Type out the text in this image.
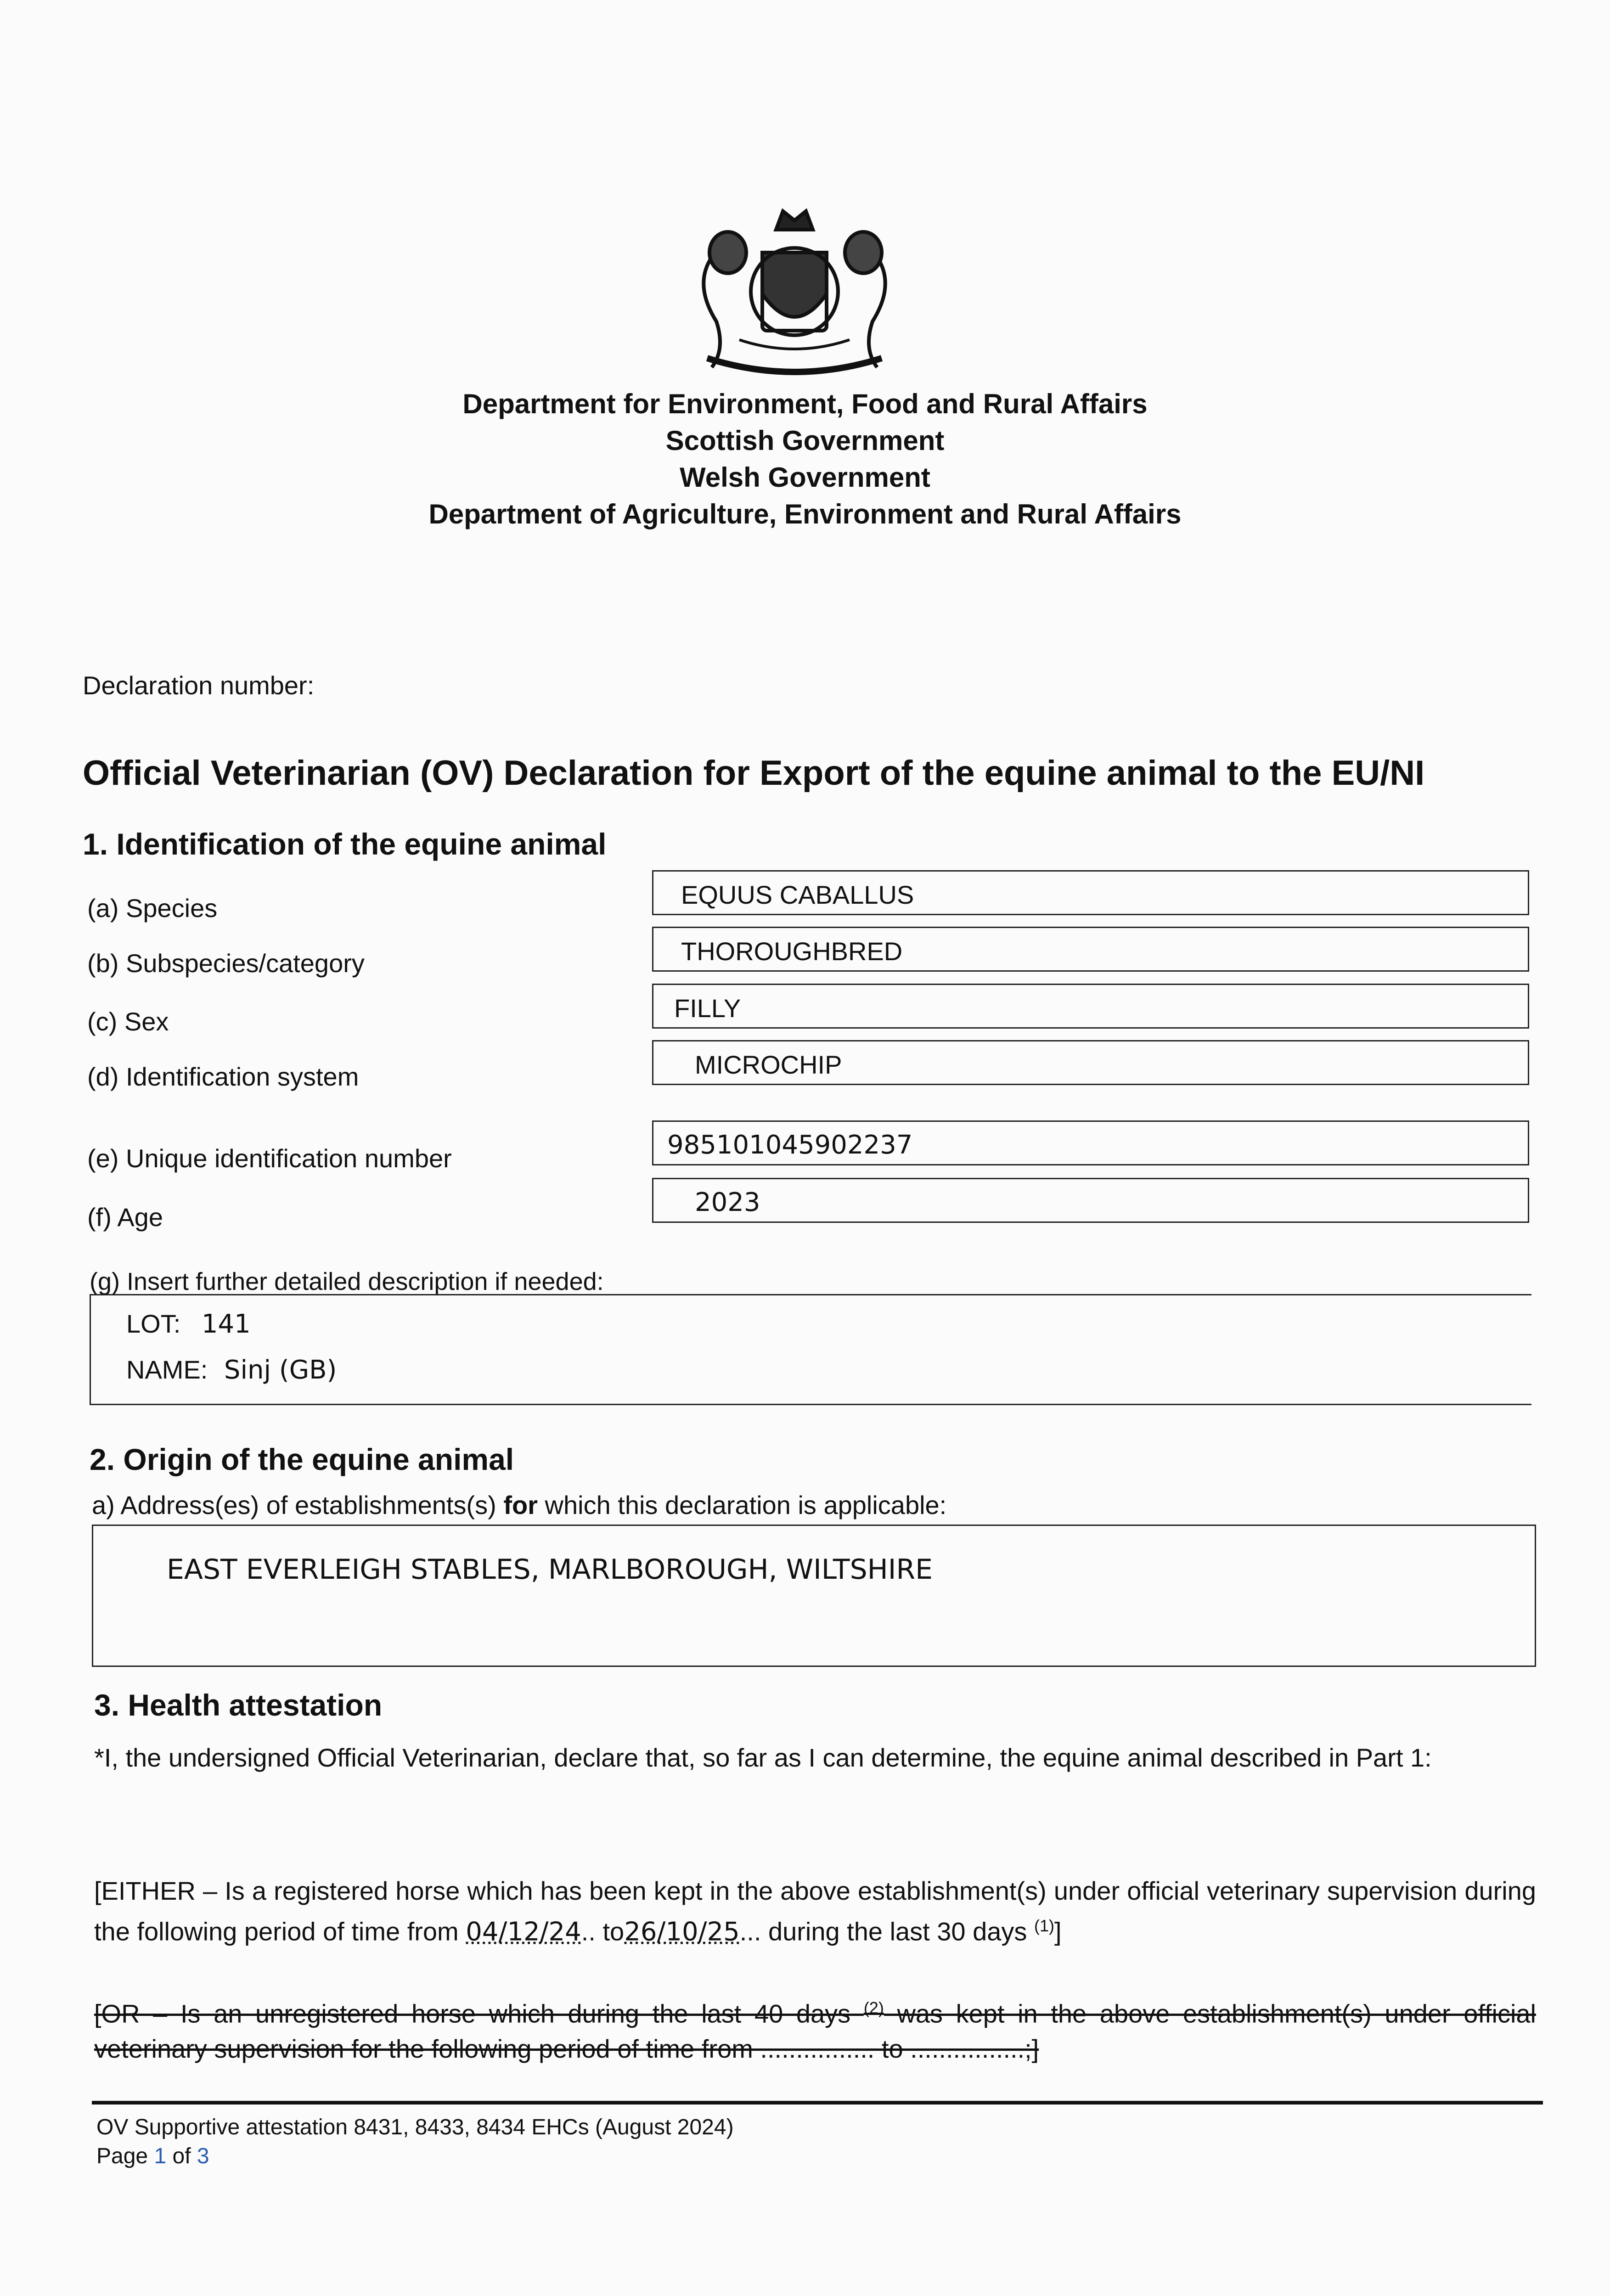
Department for Environment, Food and Rural Affairs
Scottish Government
Welsh Government
Department of Agriculture, Environment and Rural Affairs
Declaration number:
Official Veterinarian (OV) Declaration for Export of the equine animal to the EU/NI
1. Identification of the equine animal
(a) Species	EQUUS CABALLUS
(b) Subspecies/category	THOROUGHBRED
(c) Sex	FILLY
(d) Identification system	MICROCHIP
(e) Unique identification number	985101045902237
(f) Age	2023
(g) Insert further detailed description if needed:
LOT: 141
NAME: Sinj (GB)
2. Origin of the equine animal
a) Address(es) of establishments(s) for which this declaration is applicable:
EAST EVERLEIGH STABLES, MARLBOROUGH, WILTSHIRE
3. Health attestation
*I, the undersigned Official Veterinarian, declare that, so far as I can determine, the equine animal described in Part 1:
[EITHER – Is a registered horse which has been kept in the above establishment(s) under official veterinary supervision during the following period of time from 04/12/24.. to26/10/25... during the last 30 days $^{(1)}$]
[OR – Is an unregistered horse which during the last 40 days $^{(2)}$ was kept in the above establishment(s) under official veterinary supervision for the following period of time from ................ to ................;]
OV Supportive attestation 8431, 8433, 8434 EHCs (August 2024)
Page 1 of 3
